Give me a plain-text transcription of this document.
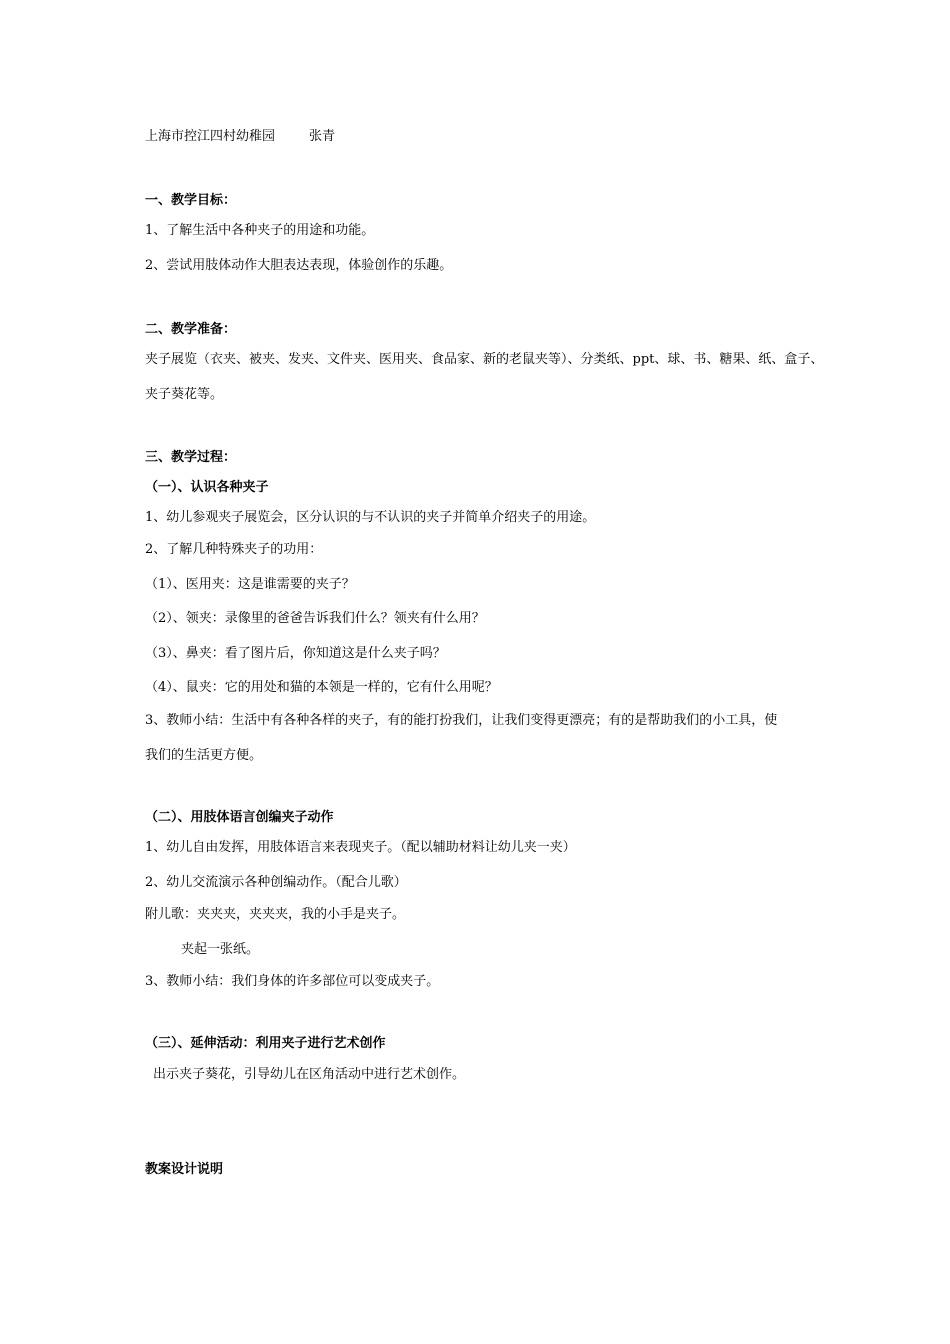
上海市控江四村幼稚园	张青
一、教学目标：
1、了解生活中各种夹子的用途和功能。
2、尝试用肢体动作大胆表达表现，体验创作的乐趣。
二、教学准备：
夹子展览（衣夹、被夹、发夹、文件夹、医用夹、食品家、新的老鼠夹等）、分类纸、ppt、球、书、糖果、纸、盒子、
夹子葵花等。
三、教学过程：
（一）、认识各种夹子
1、幼儿参观夹子展览会，区分认识的与不认识的夹子并简单介绍夹子的用途。
2、了解几种特殊夹子的功用：
（1）、医用夹：这是谁需要的夹子？
（2）、领夹：录像里的爸爸告诉我们什么？领夹有什么用？
（3）、鼻夹：看了图片后，你知道这是什么夹子吗？
（4）、鼠夹：它的用处和猫的本领是一样的，它有什么用呢？
3、教师小结：生活中有各种各样的夹子，有的能打扮我们，让我们变得更漂亮；有的是帮助我们的小工具，使
我们的生活更方便。
（二）、用肢体语言创编夹子动作
1、幼儿自由发挥，用肢体语言来表现夹子。（配以辅助材料让幼儿夹一夹）
2、幼儿交流演示各种创编动作。（配合儿歌）
附儿歌：夹夹夹，夹夹夹，我的小手是夹子。
夹起一张纸。
3、教师小结：我们身体的许多部位可以变成夹子。
（三）、延伸活动：利用夹子进行艺术创作
出示夹子葵花，引导幼儿在区角活动中进行艺术创作。
教案设计说明
